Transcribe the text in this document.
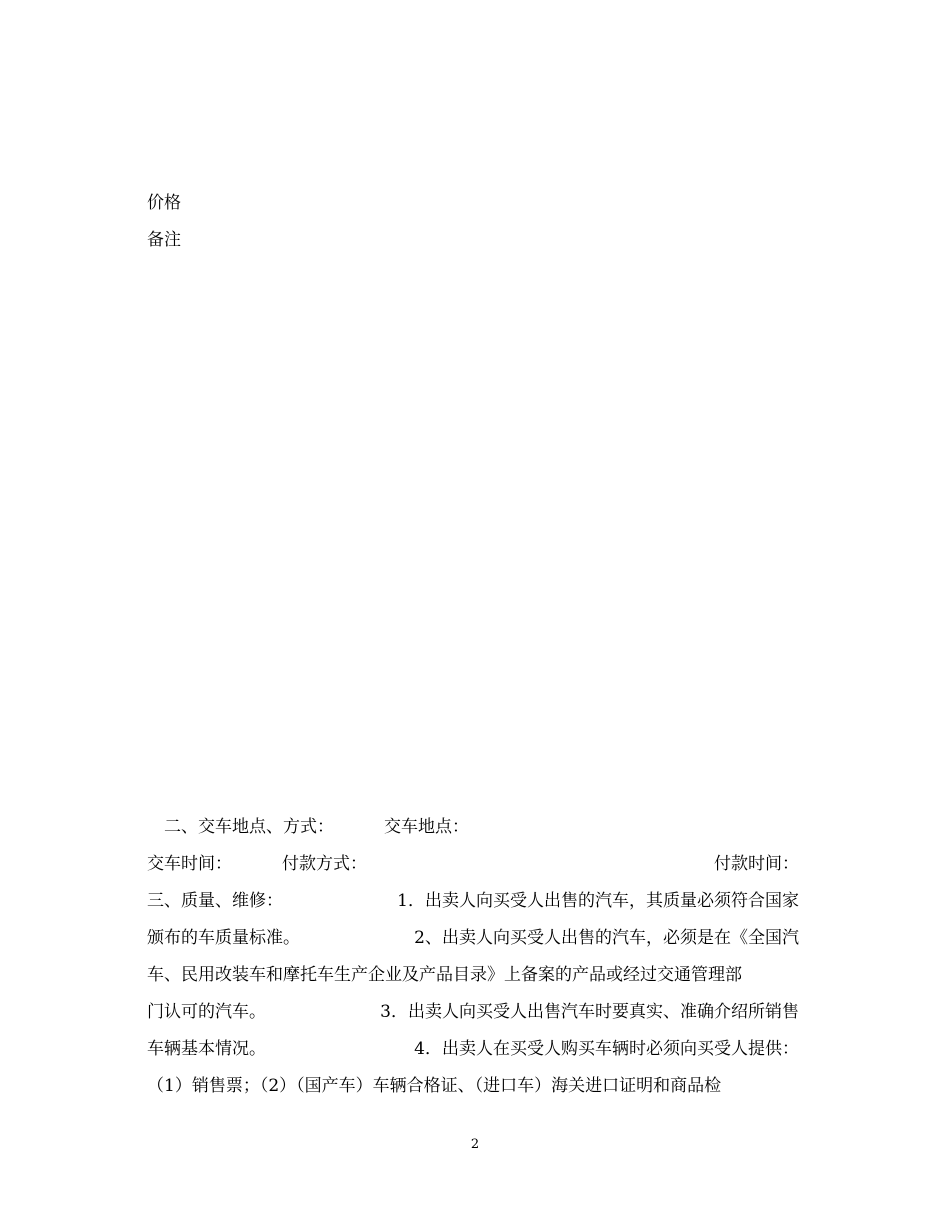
价格
备注
二、交车地点、方式：	交车地点：
交车时间：	付款方式：	付款时间：
三、质量、维修：	1．出卖人向买受人出售的汽车，其质量必须符合国家
颁布的车质量标准。	2、出卖人向买受人出售的汽车，必须是在《全国汽
车、民用改装车和摩托车生产企业及产品目录》上备案的产品或经过交通管理部
门认可的汽车。	3．出卖人向买受人出售汽车时要真实、准确介绍所销售
车辆基本情况。	4．出卖人在买受人购买车辆时必须向买受人提供：
（1）销售票；（2）（国产车）车辆合格证、（进口车）海关进口证明和商品检
2
